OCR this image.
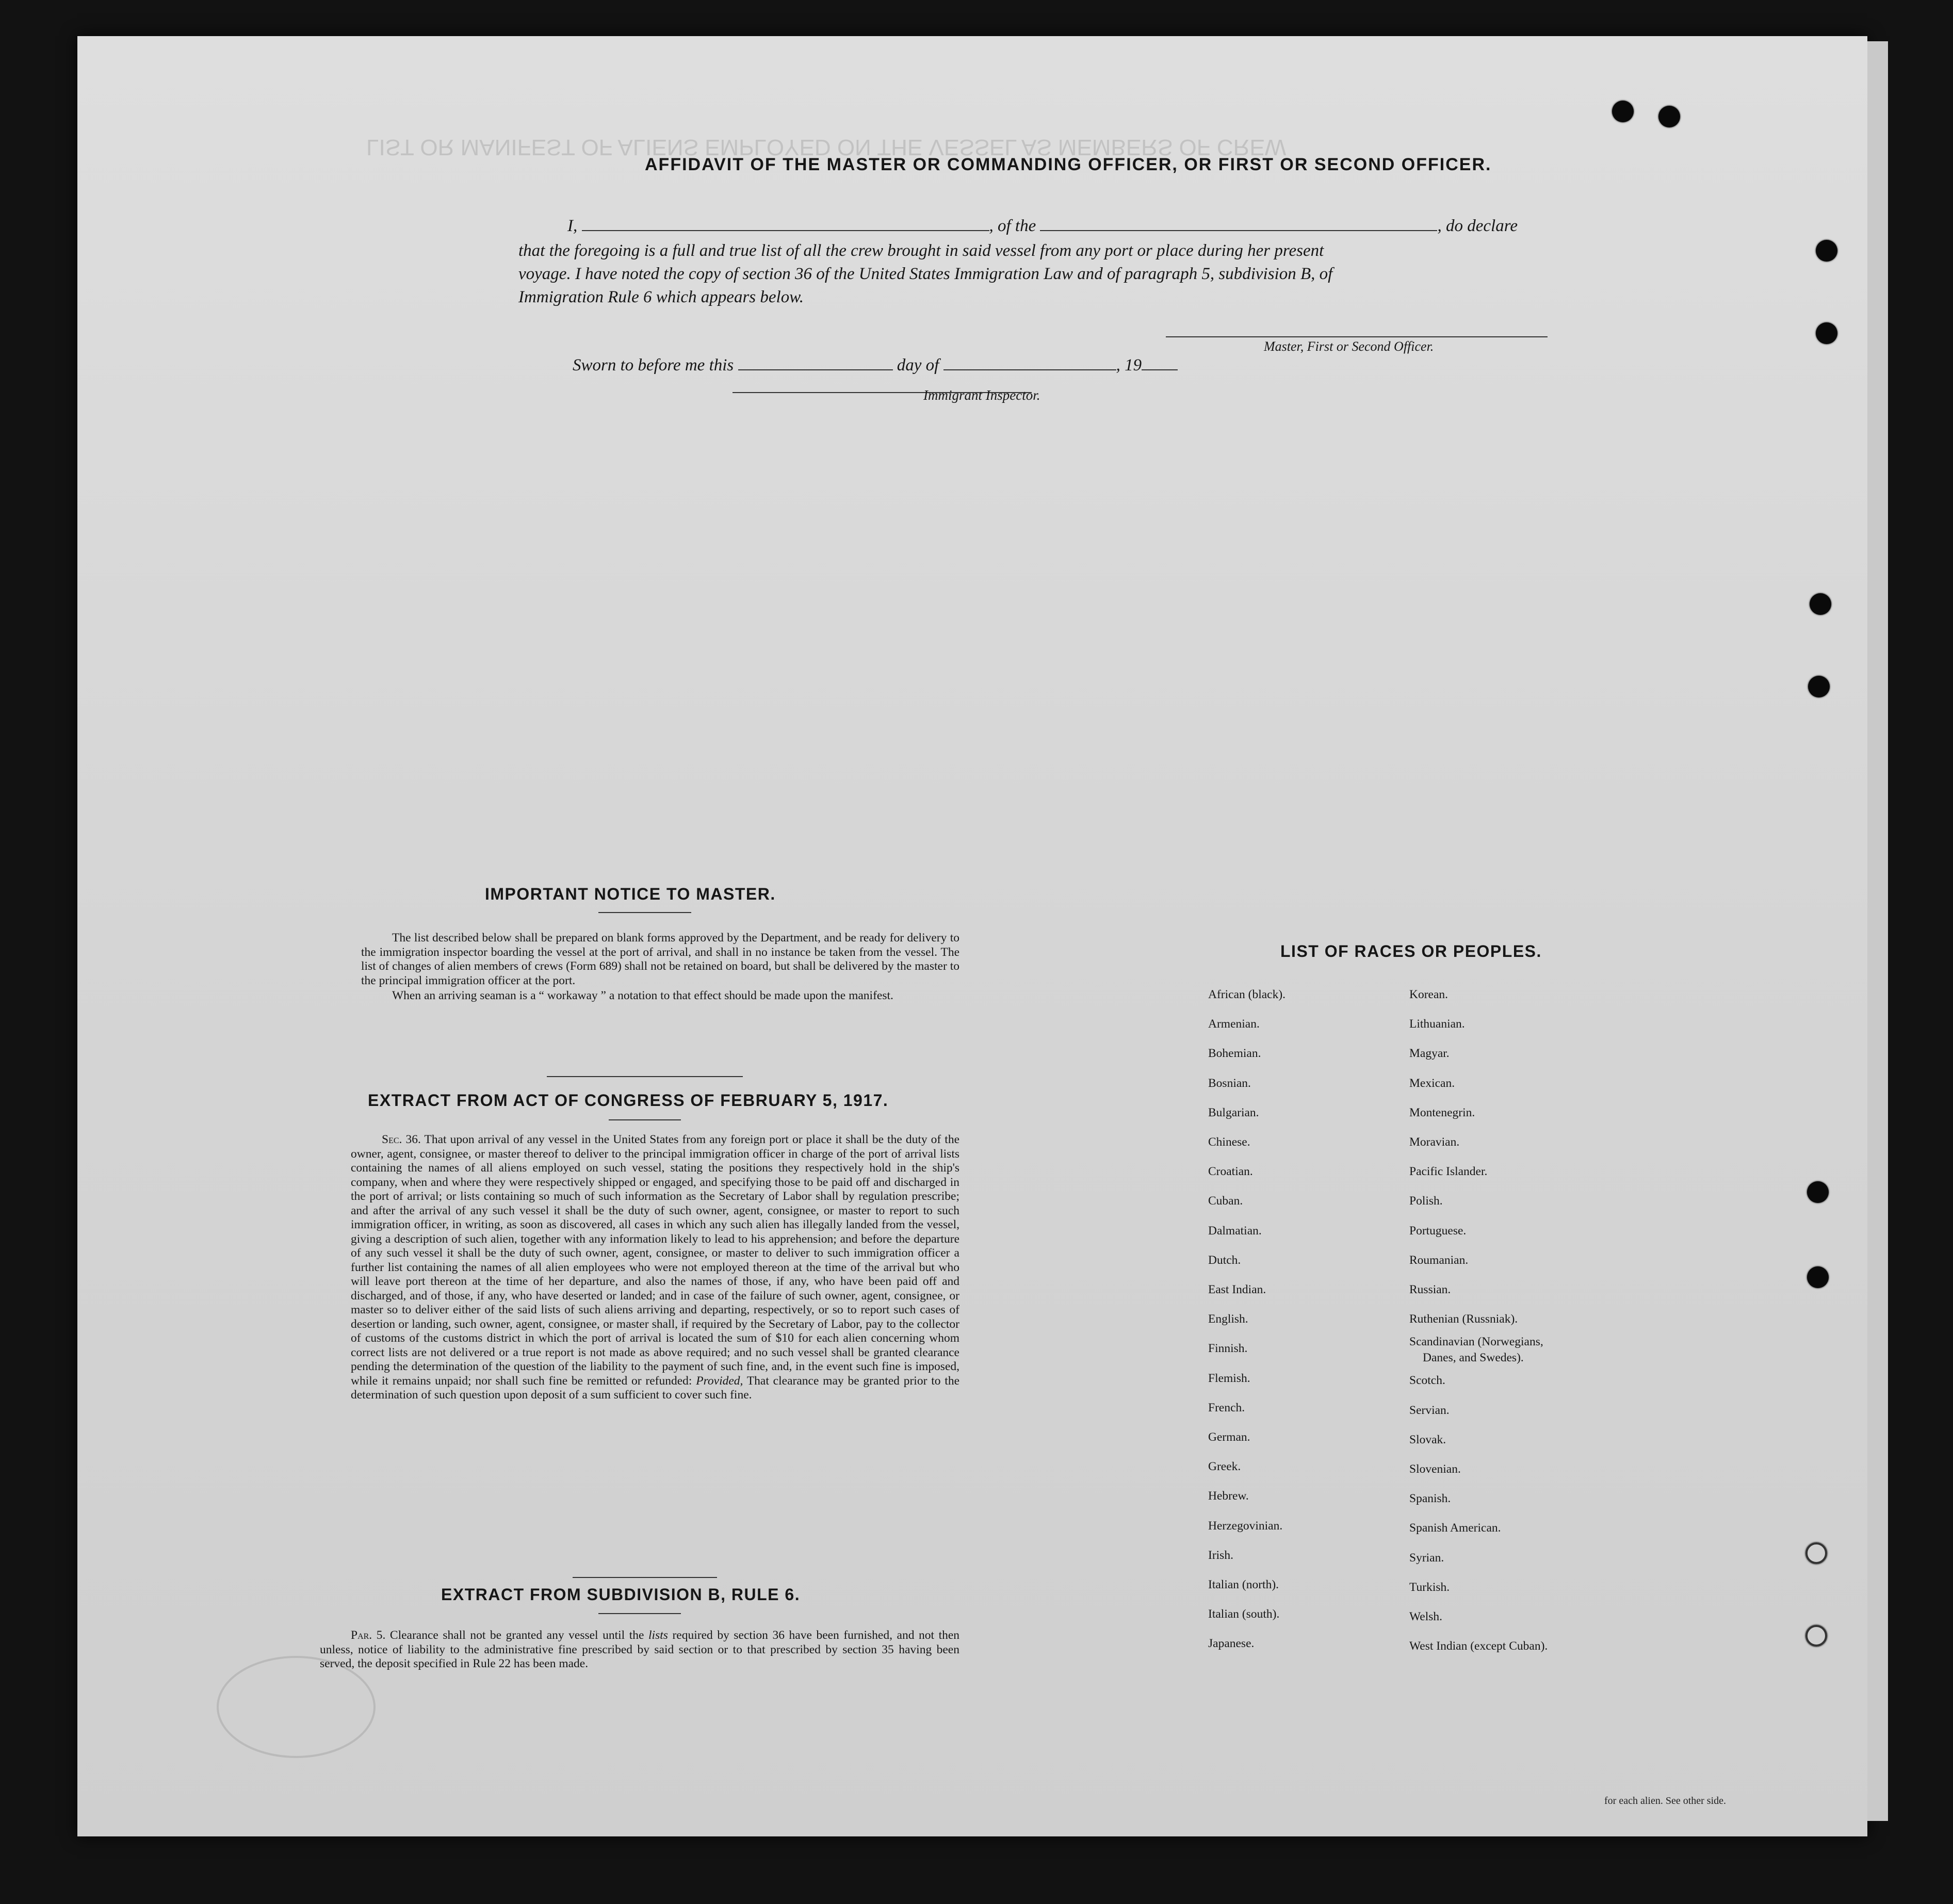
LIST OR MANIFEST OF ALIENS EMPLOYED ON THE VESSEL AS MEMBERS OF CREW
AFFIDAVIT OF THE MASTER OR COMMANDING OFFICER, OR FIRST OR SECOND OFFICER.
I,	, of the	, do declare
that the foregoing is a full and true list of all the crew brought in said vessel from any port or place during her present
voyage. I have noted the copy of section 36 of the United States Immigration Law and of paragraph 5, subdivision B, of
Immigration Rule 6 which appears below.
Master, First or Second Officer.
Sworn to before me this	day of	, 19
Immigrant Inspector.
IMPORTANT NOTICE TO MASTER.

The list described below shall be prepared on blank forms approved by the Department, and be ready for delivery to the immigration inspector boarding the vessel at the port of arrival, and shall in no instance be taken from the vessel. The list of changes of alien members of crews (Form 689) shall not be retained on board, but shall be delivered by the master to the principal immigration officer at the port.

When an arriving seaman is a “ workaway ” a notation to that effect should be made upon the manifest.

EXTRACT FROM ACT OF CONGRESS OF FEBRUARY 5, 1917.

Sec. 36. That upon arrival of any vessel in the United States from any foreign port or place it shall be the duty of the owner, agent, consignee, or master thereof to deliver to the principal immigration officer in charge of the port of arrival lists containing the names of all aliens employed on such vessel, stating the positions they respectively hold in the ship's company, when and where they were respectively shipped or engaged, and specifying those to be paid off and discharged in the port of arrival; or lists containing so much of such information as the Secretary of Labor shall by regulation prescribe; and after the arrival of any such vessel it shall be the duty of such owner, agent, consignee, or master to report to such immigration officer, in writing, as soon as discovered, all cases in which any such alien has illegally landed from the vessel, giving a description of such alien, together with any information likely to lead to his apprehension; and before the departure of any such vessel it shall be the duty of such owner, agent, consignee, or master to deliver to such immigration officer a further list containing the names of all alien employees who were not employed thereon at the time of the arrival but who will leave port thereon at the time of her departure, and also the names of those, if any, who have been paid off and discharged, and of those, if any, who have deserted or landed; and in case of the failure of such owner, agent, consignee, or master so to deliver either of the said lists of such aliens arriving and departing, respectively, or so to report such cases of desertion or landing, such owner, agent, consignee, or master shall, if required by the Secretary of Labor, pay to the collector of customs of the customs district in which the port of arrival is located the sum of $10 for each alien concerning whom correct lists are not delivered or a true report is not made as above required; and no such vessel shall be granted clearance pending the determination of the question of the liability to the payment of such fine, and, in the event such fine is imposed, while it remains unpaid; nor shall such fine be remitted or refunded: Provided, That clearance may be granted prior to the determination of such question upon deposit of a sum sufficient to cover such fine.

EXTRACT FROM SUBDIVISION B, RULE 6.

Par. 5. Clearance shall not be granted any vessel until the lists required by section 36 have been furnished, and not then unless, notice of liability to the administrative fine prescribed by said section or to that prescribed by section 35 having been served, the deposit specified in Rule 22 has been made.

LIST OF RACES OR PEOPLES.
African (black).
Armenian.
Bohemian.
Bosnian.
Bulgarian.
Chinese.
Croatian.
Cuban.
Dalmatian.
Dutch.
East Indian.
English.
Finnish.
Flemish.
French.
German.
Greek.
Hebrew.
Herzegovinian.
Irish.
Italian (north).
Italian (south).
Japanese.
Korean.
Lithuanian.
Magyar.
Mexican.
Montenegrin.
Moravian.
Pacific Islander.
Polish.
Portuguese.
Roumanian.
Russian.
Ruthenian (Russniak).
Scandinavian (Norwegians,
Danes, and Swedes).
Scotch.
Servian.
Slovak.
Slovenian.
Spanish.
Spanish American.
Syrian.
Turkish.
Welsh.
West Indian (except Cuban).
for each alien. See other side.
